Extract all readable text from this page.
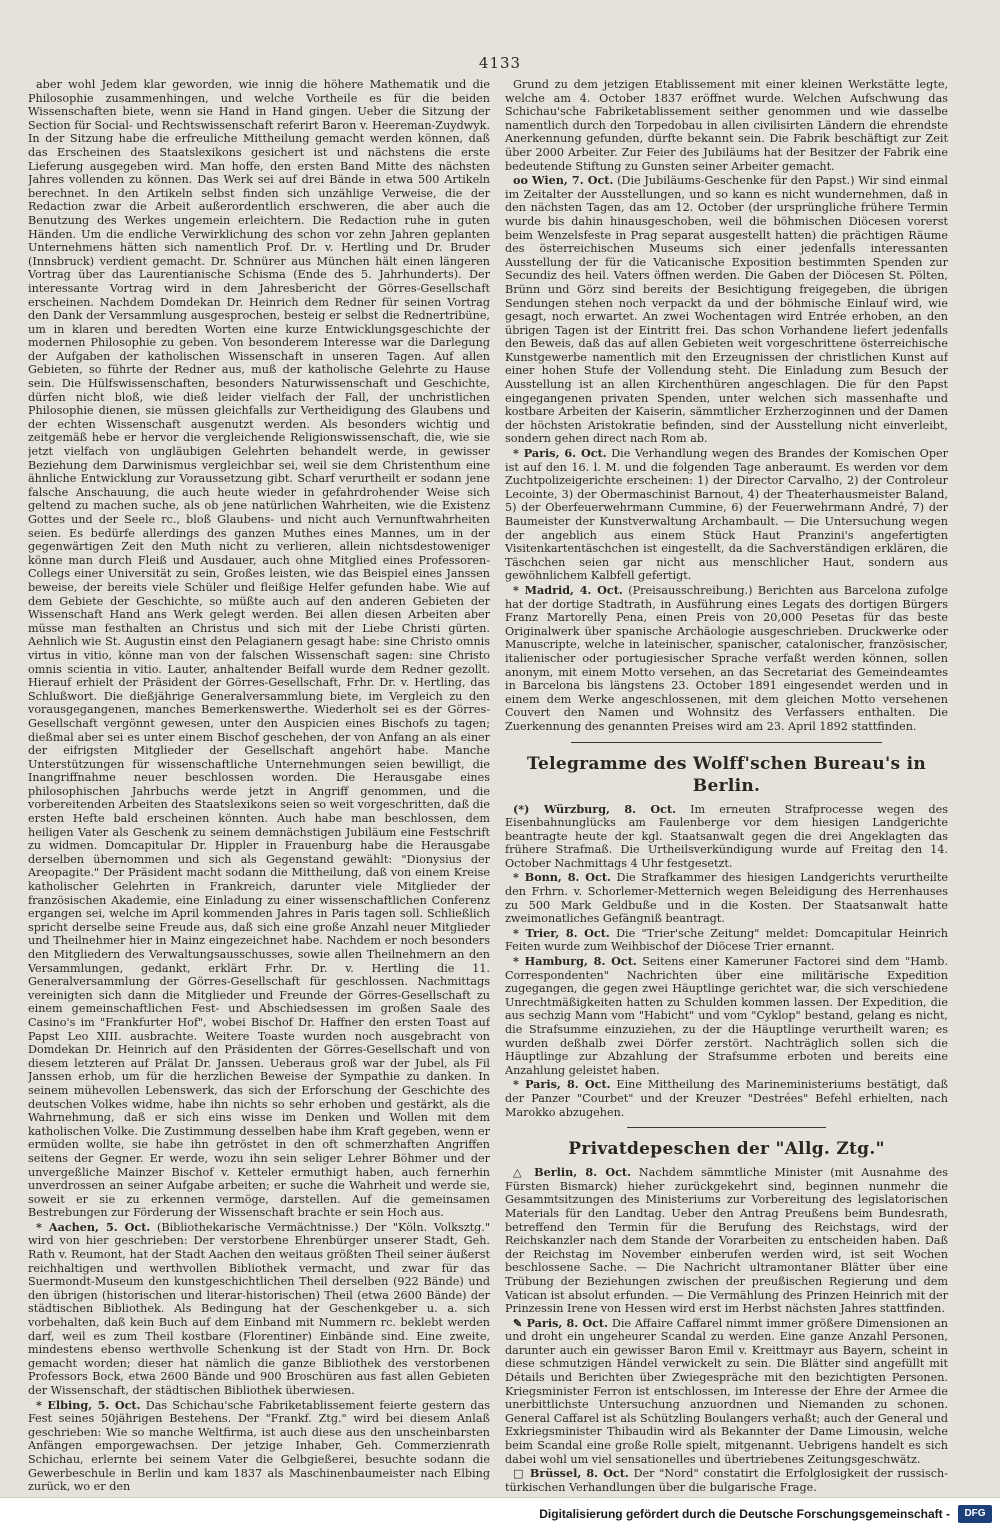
4133

aber wohl Jedem klar geworden, wie innig die höhere Mathematik und die Philosophie zusammenhingen, und welche Vortheile es für die beiden Wissenschaften biete, wenn sie Hand in Hand gingen. Ueber die Sitzung der Section für Social- und Rechtswissenschaft referirt Baron v. Heereman-Zuydwyk. In der Sitzung habe die erfreuliche Mittheilung gemacht werden können, daß das Erscheinen des Staatslexikons gesichert ist und nächstens die erste Lieferung ausgegeben wird. Man hoffe, den ersten Band Mitte des nächsten Jahres vollenden zu können. Das Werk sei auf drei Bände in etwa 500 Artikeln berechnet. In den Artikeln selbst finden sich unzählige Verweise, die der Redaction zwar die Arbeit außerordentlich erschweren, die aber auch die Benutzung des Werkes ungemein erleichtern. Die Redaction ruhe in guten Händen. Um die endliche Verwirklichung des schon vor zehn Jahren geplanten Unternehmens hätten sich namentlich Prof. Dr. v. Hertling und Dr. Bruder (Innsbruck) verdient gemacht. Dr. Schnürer aus München hält einen längeren Vortrag über das Laurentianische Schisma (Ende des 5. Jahrhunderts). Der interessante Vortrag wird in dem Jahresbericht der Görres-Gesellschaft erscheinen. Nachdem Domdekan Dr. Heinrich dem Redner für seinen Vortrag den Dank der Versammlung ausgesprochen, besteig er selbst die Rednertribüne, um in klaren und beredten Worten eine kurze Entwicklungsgeschichte der modernen Philosophie zu geben. Von besonderem Interesse war die Darlegung der Aufgaben der katholischen Wissenschaft in unseren Tagen. Auf allen Gebieten, so führte der Redner aus, muß der katholische Gelehrte zu Hause sein. Die Hülfswissenschaften, besonders Naturwissenschaft und Geschichte, dürfen nicht bloß, wie dieß leider vielfach der Fall, der unchristlichen Philosophie dienen, sie müssen gleichfalls zur Vertheidigung des Glaubens und der echten Wissenschaft ausgenutzt werden. Als besonders wichtig und zeitgemäß hebe er hervor die vergleichende Religionswissenschaft, die, wie sie jetzt vielfach von ungläubigen Gelehrten behandelt werde, in gewisser Beziehung dem Darwinismus vergleichbar sei, weil sie dem Christenthum eine ähnliche Entwicklung zur Voraussetzung gibt. Scharf verurtheilt er sodann jene falsche Anschauung, die auch heute wieder in gefahrdrohender Weise sich geltend zu machen suche, als ob jene natürlichen Wahrheiten, wie die Existenz Gottes und der Seele rc., bloß Glaubens- und nicht auch Vernunftwahrheiten seien. Es bedürfe allerdings des ganzen Muthes eines Mannes, um in der gegenwärtigen Zeit den Muth nicht zu verlieren, allein nichtsdestoweniger könne man durch Fleiß und Ausdauer, auch ohne Mitglied eines Professoren-Collegs einer Universität zu sein, Großes leisten, wie das Beispiel eines Janssen beweise, der bereits viele Schüler und fleißige Helfer gefunden habe. Wie auf dem Gebiete der Geschichte, so müßte auch auf den anderen Gebieten der Wissenschaft Hand ans Werk gelegt werden. Bei allen diesen Arbeiten aber müsse man festhalten an Christus und sich mit der Liebe Christi gürten. Aehnlich wie St. Augustin einst den Pelagianern gesagt habe: sine Christo omnis virtus in vitio, könne man von der falschen Wissenschaft sagen: sine Christo omnis scientia in vitio. Lauter, anhaltender Beifall wurde dem Redner gezollt. Hierauf erhielt der Präsident der Görres-Gesellschaft, Frhr. Dr. v. Hertling, das Schlußwort. Die dießjährige Generalversammlung biete, im Vergleich zu den vorausgegangenen, manches Bemerkenswerthe. Wiederholt sei es der Görres-Gesellschaft vergönnt gewesen, unter den Auspicien eines Bischofs zu tagen; dießmal aber sei es unter einem Bischof geschehen, der von Anfang an als einer der eifrigsten Mitglieder der Gesellschaft angehört habe. Manche Unterstützungen für wissenschaftliche Unternehmungen seien bewilligt, die Inangriffnahme neuer beschlossen worden. Die Herausgabe eines philosophischen Jahrbuchs werde jetzt in Angriff genommen, und die vorbereitenden Arbeiten des Staatslexikons seien so weit vorgeschritten, daß die ersten Hefte bald erscheinen könnten. Auch habe man beschlossen, dem heiligen Vater als Geschenk zu seinem demnächstigen Jubiläum eine Festschrift zu widmen. Domcapitular Dr. Hippler in Frauenburg habe die Herausgabe derselben übernommen und sich als Gegenstand gewählt: "Dionysius der Areopagite." Der Präsident macht sodann die Mittheilung, daß von einem Kreise katholischer Gelehrten in Frankreich, darunter viele Mitglieder der französischen Akademie, eine Einladung zu einer wissenschaftlichen Conferenz ergangen sei, welche im April kommenden Jahres in Paris tagen soll. Schließlich spricht derselbe seine Freude aus, daß sich eine große Anzahl neuer Mitglieder und Theilnehmer hier in Mainz eingezeichnet habe. Nachdem er noch besonders den Mitgliedern des Verwaltungsausschusses, sowie allen Theilnehmern an den Versammlungen, gedankt, erklärt Frhr. Dr. v. Hertling die 11. Generalversammlung der Görres-Gesellschaft für geschlossen. Nachmittags vereinigten sich dann die Mitglieder und Freunde der Görres-Gesellschaft zu einem gemeinschaftlichen Fest- und Abschiedsessen im großen Saale des Casino's im "Frankfurter Hof", wobei Bischof Dr. Haffner den ersten Toast auf Papst Leo XIII. ausbrachte. Weitere Toaste wurden noch ausgebracht von Domdekan Dr. Heinrich auf den Präsidenten der Görres-Gesellschaft und von diesem letzteren auf Prälat Dr. Janssen. Ueberaus groß war der Jubel, als Fil Janssen erhob, um für die herzlichen Beweise der Sympathie zu danken. In seinem mühevollen Lebenswerk, das sich der Erforschung der Geschichte des deutschen Volkes widme, habe ihn nichts so sehr erhoben und gestärkt, als die Wahrnehmung, daß er sich eins wisse im Denken und Wollen mit dem katholischen Volke. Die Zustimmung desselben habe ihm Kraft gegeben, wenn er ermüden wollte, sie habe ihn getröstet in den oft schmerzhaften Angriffen seitens der Gegner. Er werde, wozu ihn sein seliger Lehrer Böhmer und der unvergeßliche Mainzer Bischof v. Ketteler ermuthigt haben, auch fernerhin unverdrossen an seiner Aufgabe arbeiten; er suche die Wahrheit und werde sie, soweit er sie zu erkennen vermöge, darstellen. Auf die gemeinsamen Bestrebungen zur Förderung der Wissenschaft brachte er sein Hoch aus.

* Aachen, 5. Oct. (Bibliothekarische Vermächtnisse.) Der "Köln. Volksztg." wird von hier geschrieben: Der verstorbene Ehrenbürger unserer Stadt, Geh. Rath v. Reumont, hat der Stadt Aachen den weitaus größten Theil seiner äußerst reichhaltigen und werthvollen Bibliothek vermacht, und zwar für das Suermondt-Museum den kunstgeschichtlichen Theil derselben (922 Bände) und den übrigen (historischen und literar-historischen) Theil (etwa 2600 Bände) der städtischen Bibliothek. Als Bedingung hat der Geschenkgeber u. a. sich vorbehalten, daß kein Buch auf dem Einband mit Nummern rc. beklebt werden darf, weil es zum Theil kostbare (Florentiner) Einbände sind. Eine zweite, mindestens ebenso werthvolle Schenkung ist der Stadt von Hrn. Dr. Bock gemacht worden; dieser hat nämlich die ganze Bibliothek des verstorbenen Professors Bock, etwa 2600 Bände und 900 Broschüren aus fast allen Gebieten der Wissenschaft, der städtischen Bibliothek überwiesen.

* Elbing, 5. Oct. Das Schichau'sche Fabriketablissement feierte gestern das Fest seines 50jährigen Bestehens. Der "Frankf. Ztg." wird bei diesem Anlaß geschrieben: Wie so manche Weltfirma, ist auch diese aus den unscheinbarsten Anfängen emporgewachsen. Der jetzige Inhaber, Geh. Commerzienrath Schichau, erlernte bei seinem Vater die Gelbgießerei, besuchte sodann die Gewerbeschule in Berlin und kam 1837 als Maschinenbaumeister nach Elbing zurück, wo er den

Grund zu dem jetzigen Etablissement mit einer kleinen Werkstätte legte, welche am 4. October 1837 eröffnet wurde. Welchen Aufschwung das Schichau'sche Fabriketablissement seither genommen und wie dasselbe namentlich durch den Torpedobau in allen civilisirten Ländern die ehrendste Anerkennung gefunden, dürfte bekannt sein. Die Fabrik beschäftigt zur Zeit über 2000 Arbeiter. Zur Feier des Jubiläums hat der Besitzer der Fabrik eine bedeutende Stiftung zu Gunsten seiner Arbeiter gemacht.

oo Wien, 7. Oct. (Die Jubiläums-Geschenke für den Papst.) Wir sind einmal im Zeitalter der Ausstellungen, und so kann es nicht wundernehmen, daß in den nächsten Tagen, das am 12. October (der ursprüngliche frühere Termin wurde bis dahin hinausgeschoben, weil die böhmischen Diöcesen vorerst beim Wenzelsfeste in Prag separat ausgestellt hatten) die prächtigen Räume des österreichischen Museums sich einer jedenfalls interessanten Ausstellung der für die Vaticanische Exposition bestimmten Spenden zur Secundiz des heil. Vaters öffnen werden. Die Gaben der Diöcesen St. Pölten, Brünn und Görz sind bereits der Besichtigung freigegeben, die übrigen Sendungen stehen noch verpackt da und der böhmische Einlauf wird, wie gesagt, noch erwartet. An zwei Wochentagen wird Entrée erhoben, an den übrigen Tagen ist der Eintritt frei. Das schon Vorhandene liefert jedenfalls den Beweis, daß das auf allen Gebieten weit vorgeschrittene österreichische Kunstgewerbe namentlich mit den Erzeugnissen der christlichen Kunst auf einer hohen Stufe der Vollendung steht. Die Einladung zum Besuch der Ausstellung ist an allen Kirchenthüren angeschlagen. Die für den Papst eingegangenen privaten Spenden, unter welchen sich massenhafte und kostbare Arbeiten der Kaiserin, sämmtlicher Erzherzoginnen und der Damen der höchsten Aristokratie befinden, sind der Ausstellung nicht einverleibt, sondern gehen direct nach Rom ab.

* Paris, 6. Oct. Die Verhandlung wegen des Brandes der Komischen Oper ist auf den 16. l. M. und die folgenden Tage anberaumt. Es werden vor dem Zuchtpolizeigerichte erscheinen: 1) der Director Carvalho, 2) der Controleur Lecointe, 3) der Obermaschinist Barnout, 4) der Theaterhausmeister Baland, 5) der Oberfeuerwehrmann Cummine, 6) der Feuerwehrmann André, 7) der Baumeister der Kunstverwaltung Archambault. — Die Untersuchung wegen der angeblich aus einem Stück Haut Pranzini's angefertigten Visitenkartentäschchen ist eingestellt, da die Sachverständigen erklären, die Täschchen seien gar nicht aus menschlicher Haut, sondern aus gewöhnlichem Kalbfell gefertigt.

* Madrid, 4. Oct. (Preisausschreibung.) Berichten aus Barcelona zufolge hat der dortige Stadtrath, in Ausführung eines Legats des dortigen Bürgers Franz Martorelly Pena, einen Preis von 20,000 Pesetas für das beste Originalwerk über spanische Archäologie ausgeschrieben. Druckwerke oder Manuscripte, welche in lateinischer, spanischer, catalonischer, französischer, italienischer oder portugiesischer Sprache verfaßt werden können, sollen anonym, mit einem Motto versehen, an das Secretariat des Gemeindeamtes in Barcelona bis längstens 23. October 1891 eingesendet werden und in einem dem Werke angeschlossenen, mit dem gleichen Motto versehenen Couvert den Namen und Wohnsitz des Verfassers enthalten. Die Zuerkennung des genannten Preises wird am 23. April 1892 stattfinden.

Telegramme des Wolff'schen Bureau's in Berlin.

(*) Würzburg, 8. Oct. Im erneuten Strafprocesse wegen des Eisenbahnunglücks am Faulenberge vor dem hiesigen Landgerichte beantragte heute der kgl. Staatsanwalt gegen die drei Angeklagten das frühere Strafmaß. Die Urtheilsverkündigung wurde auf Freitag den 14. October Nachmittags 4 Uhr festgesetzt.

* Bonn, 8. Oct. Die Strafkammer des hiesigen Landgerichts verurtheilte den Frhrn. v. Schorlemer-Metternich wegen Beleidigung des Herrenhauses zu 500 Mark Geldbuße und in die Kosten. Der Staatsanwalt hatte zweimonatliches Gefängniß beantragt.

* Trier, 8. Oct. Die "Trier'sche Zeitung" meldet: Domcapitular Heinrich Feiten wurde zum Weihbischof der Diöcese Trier ernannt.

* Hamburg, 8. Oct. Seitens einer Kameruner Factorei sind dem "Hamb. Correspondenten" Nachrichten über eine militärische Expedition zugegangen, die gegen zwei Häuptlinge gerichtet war, die sich verschiedene Unrechtmäßigkeiten hatten zu Schulden kommen lassen. Der Expedition, die aus sechzig Mann vom "Habicht" und vom "Cyklop" bestand, gelang es nicht, die Strafsumme einzuziehen, zu der die Häuptlinge verurtheilt waren; es wurden deßhalb zwei Dörfer zerstört. Nachträglich sollen sich die Häuptlinge zur Abzahlung der Strafsumme erboten und bereits eine Anzahlung geleistet haben.

* Paris, 8. Oct. Eine Mittheilung des Marineministeriums bestätigt, daß der Panzer "Courbet" und der Kreuzer "Destrées" Befehl erhielten, nach Marokko abzugehen.

Privatdepeschen der "Allg. Ztg."

△ Berlin, 8. Oct. Nachdem sämmtliche Minister (mit Ausnahme des Fürsten Bismarck) hieher zurückgekehrt sind, beginnen nunmehr die Gesammtsitzungen des Ministeriums zur Vorbereitung des legislatorischen Materials für den Landtag. Ueber den Antrag Preußens beim Bundesrath, betreffend den Termin für die Berufung des Reichstags, wird der Reichskanzler nach dem Stande der Vorarbeiten zu entscheiden haben. Daß der Reichstag im November einberufen werden wird, ist seit Wochen beschlossene Sache. — Die Nachricht ultramontaner Blätter über eine Trübung der Beziehungen zwischen der preußischen Regierung und dem Vatican ist absolut erfunden. — Die Vermählung des Prinzen Heinrich mit der Prinzessin Irene von Hessen wird erst im Herbst nächsten Jahres stattfinden.

✎ Paris, 8. Oct. Die Affaire Caffarel nimmt immer größere Dimensionen an und droht ein ungeheurer Scandal zu werden. Eine ganze Anzahl Personen, darunter auch ein gewisser Baron Emil v. Kreittmayr aus Bayern, scheint in diese schmutzigen Händel verwickelt zu sein. Die Blätter sind angefüllt mit Détails und Berichten über Zwiegespräche mit den bezichtigten Personen. Kriegsminister Ferron ist entschlossen, im Interesse der Ehre der Armee die unerbittlichste Untersuchung anzuordnen und Niemanden zu schonen. General Caffarel ist als Schützling Boulangers verhaßt; auch der General und Exkriegsminister Thibaudin wird als Bekannter der Dame Limousin, welche beim Scandal eine große Rolle spielt, mitgenannt. Uebrigens handelt es sich dabei wohl um viel sensationelles und übertriebenes Zeitungsgeschwätz.

□ Brüssel, 8. Oct. Der "Nord" constatirt die Erfolglosigkeit der russisch-türkischen Verhandlungen über die bulgarische Frage.

Digitalisierung gefördert durch die Deutsche Forschungsgemeinschaft -	DFG
